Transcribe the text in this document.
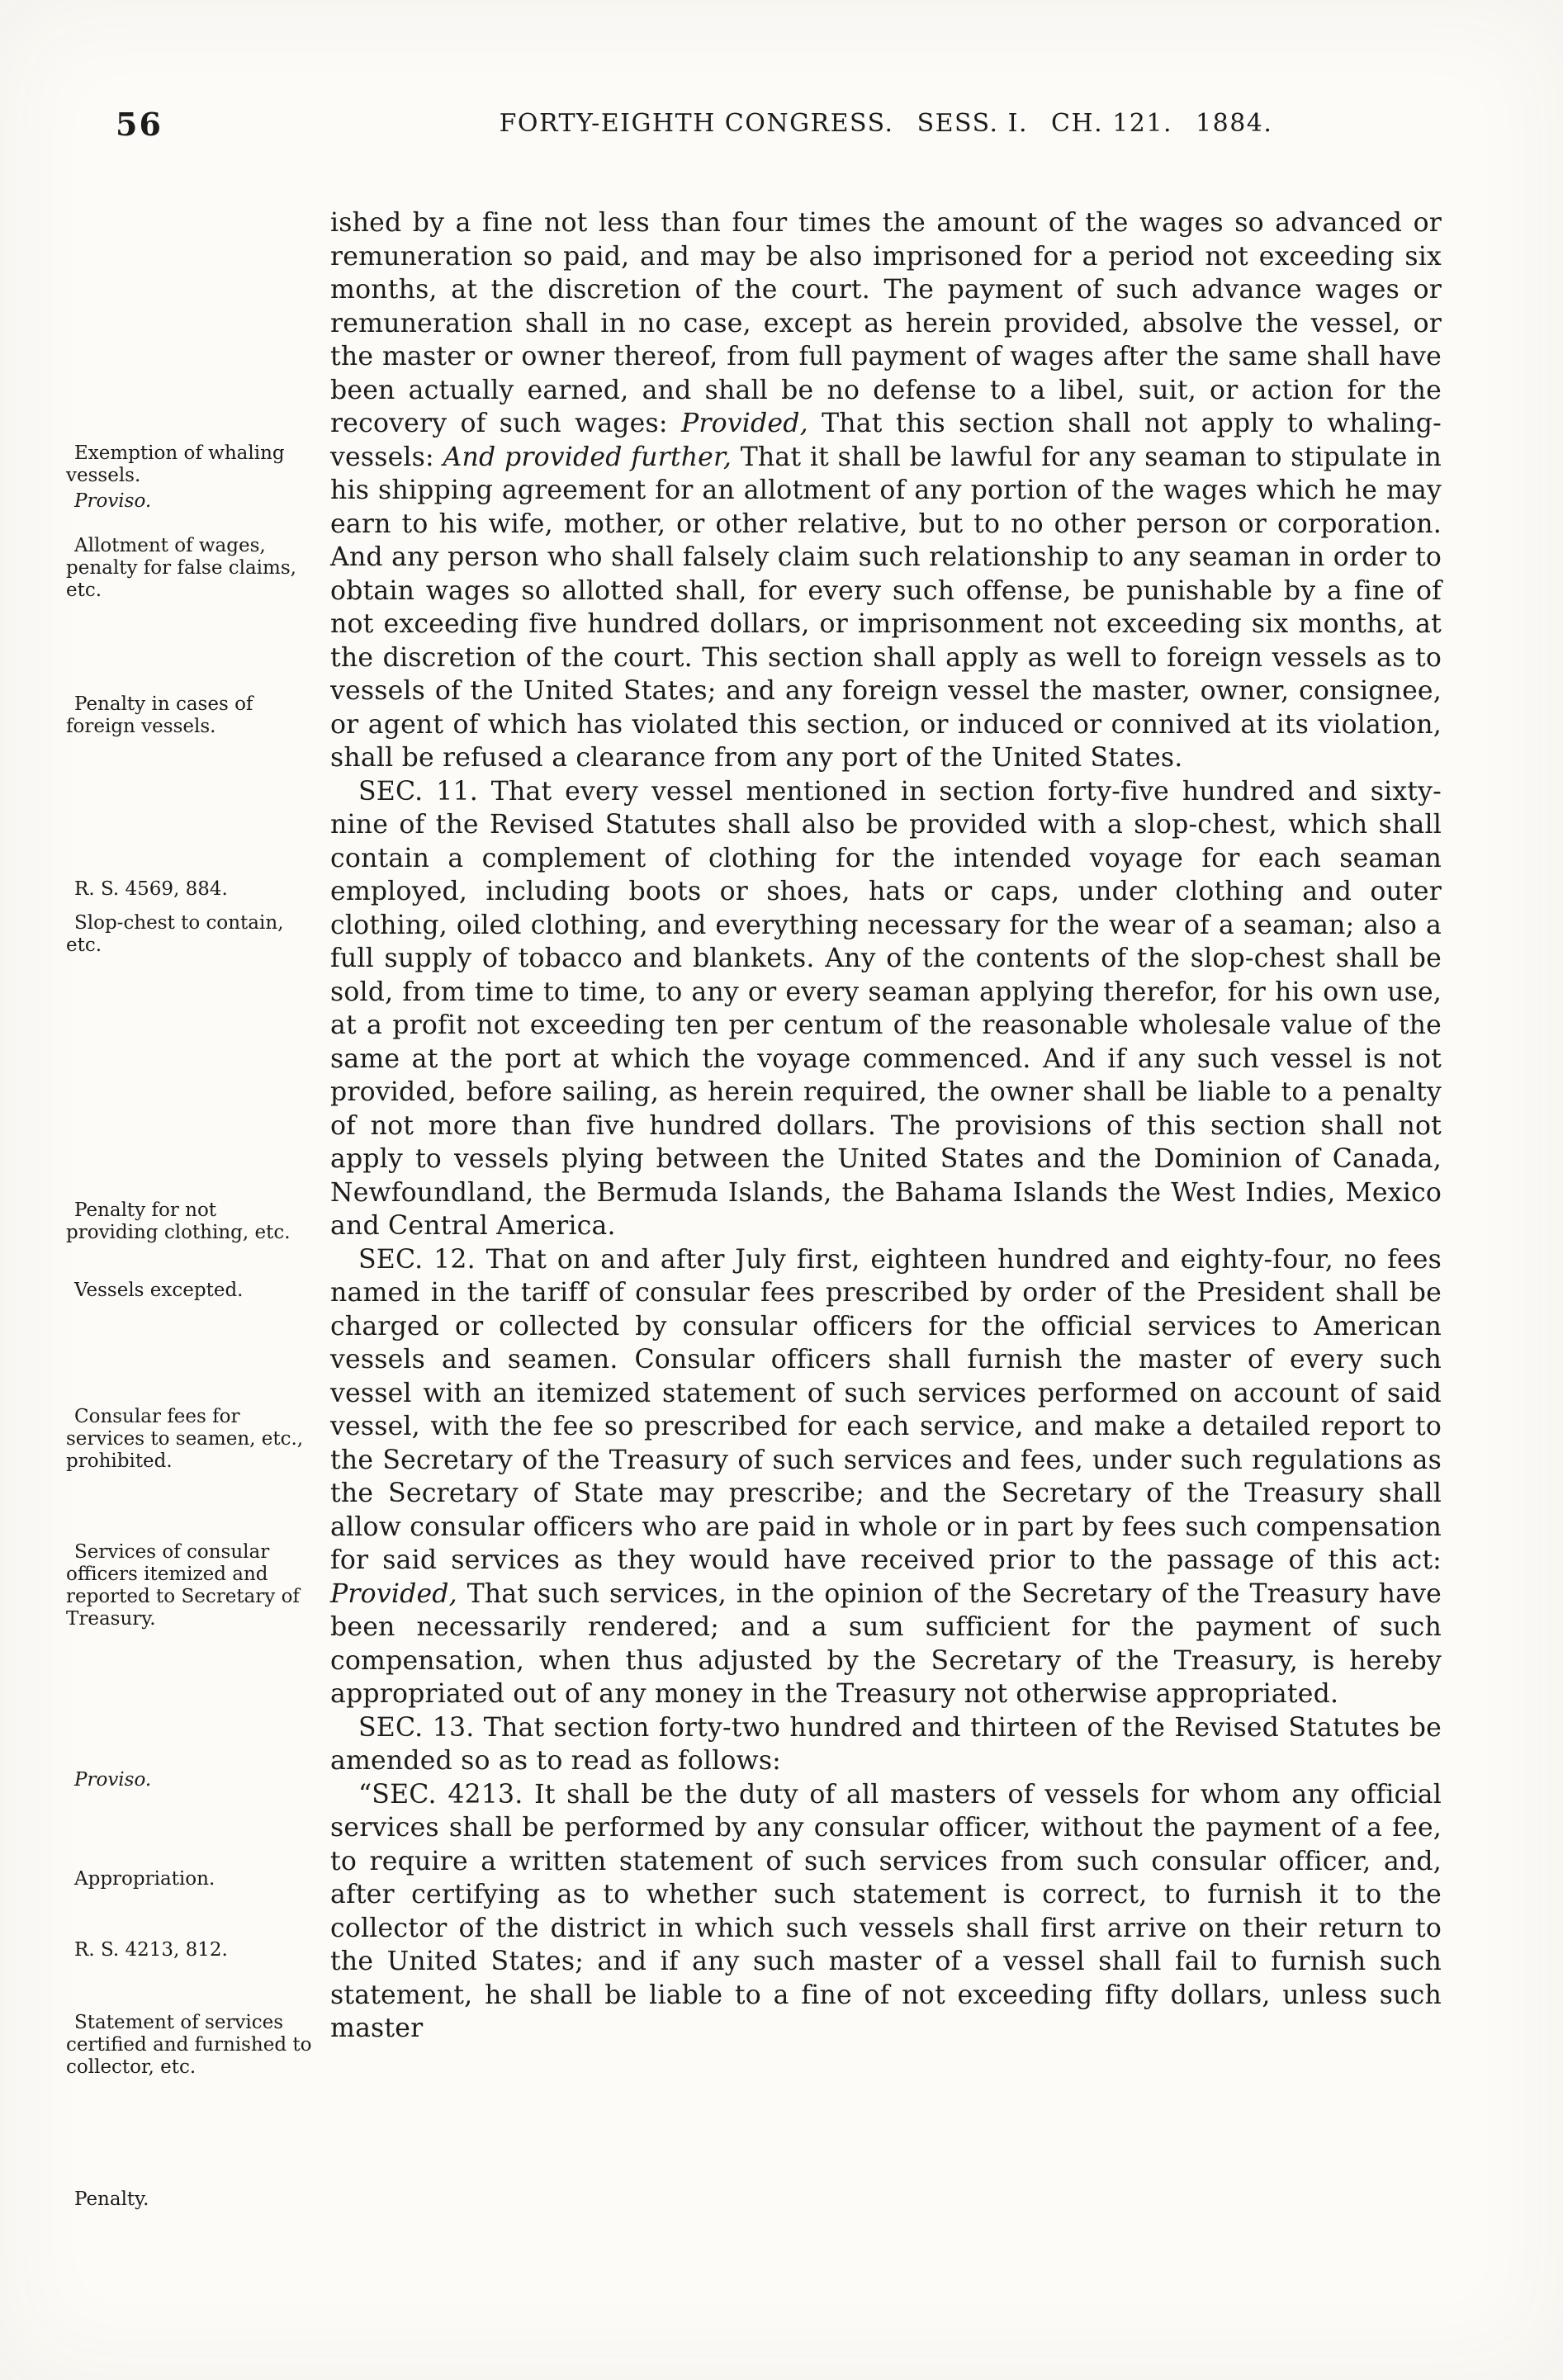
56	FORTY-EIGHTH CONGRESS. SESS. I. CH. 121. 1884.
Exemption of whaling vessels.
Proviso.
Allotment of wages, penalty for false claims, etc.
Penalty in cases of foreign vessels.
R. S. 4569, 884.
Slop-chest to contain, etc.
Penalty for not providing clothing, etc.
Vessels excepted.
Consular fees for services to seamen, etc., prohibited.
Services of consular officers itemized and reported to Secretary of Treasury.
Proviso.
Appropriation.
R. S. 4213, 812.
Statement of services certified and furnished to collector, etc.
Penalty.

ished by a fine not less than four times the amount of the wages so advanced or remuneration so paid, and may be also imprisoned for a period not exceeding six months, at the discretion of the court. The payment of such advance wages or remuneration shall in no case, except as herein provided, absolve the vessel, or the master or owner thereof, from full payment of wages after the same shall have been actually earned, and shall be no defense to a libel, suit, or action for the recovery of such wages: Provided, That this section shall not apply to whaling-vessels: And provided further, That it shall be lawful for any seaman to stipulate in his shipping agreement for an allotment of any portion of the wages which he may earn to his wife, mother, or other relative, but to no other person or corporation. And any person who shall falsely claim such relationship to any seaman in order to obtain wages so allotted shall, for every such offense, be punishable by a fine of not exceeding five hundred dollars, or imprisonment not exceeding six months, at the discretion of the court. This section shall apply as well to foreign vessels as to vessels of the United States; and any foreign vessel the master, owner, consignee, or agent of which has violated this section, or induced or connived at its violation, shall be refused a clearance from any port of the United States.

SEC. 11. That every vessel mentioned in section forty-five hundred and sixty-nine of the Revised Statutes shall also be provided with a slop-chest, which shall contain a complement of clothing for the intended voyage for each seaman employed, including boots or shoes, hats or caps, under clothing and outer clothing, oiled clothing, and everything necessary for the wear of a seaman; also a full supply of tobacco and blankets. Any of the contents of the slop-chest shall be sold, from time to time, to any or every seaman applying therefor, for his own use, at a profit not exceeding ten per centum of the reasonable wholesale value of the same at the port at which the voyage commenced. And if any such vessel is not provided, before sailing, as herein required, the owner shall be liable to a penalty of not more than five hundred dollars. The provisions of this section shall not apply to vessels plying between the United States and the Dominion of Canada, Newfoundland, the Bermuda Islands, the Bahama Islands the West Indies, Mexico and Central America.

SEC. 12. That on and after July first, eighteen hundred and eighty-four, no fees named in the tariff of consular fees prescribed by order of the President shall be charged or collected by consular officers for the official services to American vessels and seamen. Consular officers shall furnish the master of every such vessel with an itemized statement of such services performed on account of said vessel, with the fee so prescribed for each service, and make a detailed report to the Secretary of the Treasury of such services and fees, under such regulations as the Secretary of State may prescribe; and the Secretary of the Treasury shall allow consular officers who are paid in whole or in part by fees such compensation for said services as they would have received prior to the passage of this act: Provided, That such services, in the opinion of the Secretary of the Treasury have been necessarily rendered; and a sum sufficient for the payment of such compensation, when thus adjusted by the Secretary of the Treasury, is hereby appropriated out of any money in the Treasury not otherwise appropriated.

SEC. 13. That section forty-two hundred and thirteen of the Revised Statutes be amended so as to read as follows:

“SEC. 4213. It shall be the duty of all masters of vessels for whom any official services shall be performed by any consular officer, without the payment of a fee, to require a written statement of such services from such consular officer, and, after certifying as to whether such statement is correct, to furnish it to the collector of the district in which such vessels shall first arrive on their return to the United States; and if any such master of a vessel shall fail to furnish such statement, he shall be liable to a fine of not exceeding fifty dollars, unless such master
